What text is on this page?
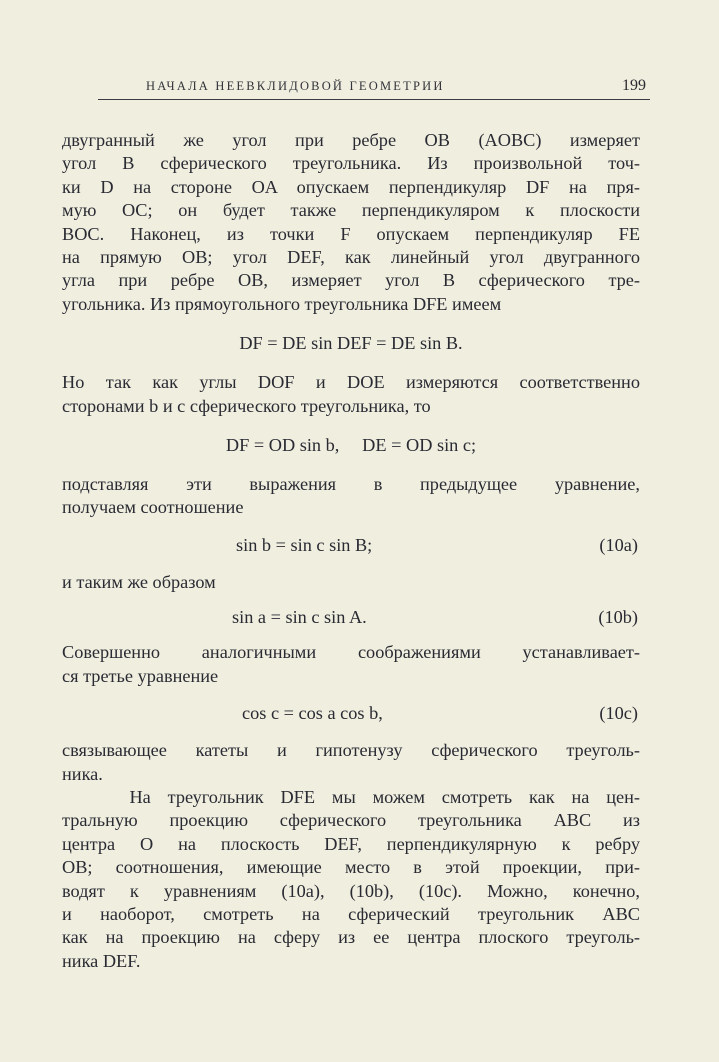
НАЧАЛА НЕЕВКЛИДОВОЙ ГЕОМЕТРИИ	199
двугранный же угол при ребре OB (AOBC) измеряет
угол B сферического треугольника. Из произвольной точ-
ки D на стороне OA опускаем перпендикуляр DF на пря-
мую OC; он будет также перпендикуляром к плоскости
BOC. Наконец, из точки F опускаем перпендикуляр FE
на прямую OB; угол DEF, как линейный угол двугранного
угла при ребре OB, измеряет угол B сферического тре-
угольника. Из прямоугольного треугольника DFE имеем
DF = DE sin DEF = DE sin B.
Но так как углы DOF и DOE измеряются соответственно
сторонами b и c сферического треугольника, то
DF = OD sin b,     DE = OD sin c;
подставляя эти выражения в предыдущее уравнение,
получаем соотношение
sin b = sin c sin B;	(10a)
и таким же образом
sin a = sin c sin A.	(10b)
Совершенно аналогичными соображениями устанавливает-
ся третье уравнение
cos c = cos a cos b,	(10c)
связывающее катеты и гипотенузу сферического треуголь-
ника.
На треугольник DFE мы можем смотреть как на цен-
тральную проекцию сферического треугольника ABC из
центра O на плоскость DEF, перпендикулярную к ребру
OB; соотношения, имеющие место в этой проекции, при-
водят к уравнениям (10a), (10b), (10c). Можно, конечно,
и наоборот, смотреть на сферический треугольник ABC
как на проекцию на сферу из ее центра плоского треуголь-
ника DEF.
